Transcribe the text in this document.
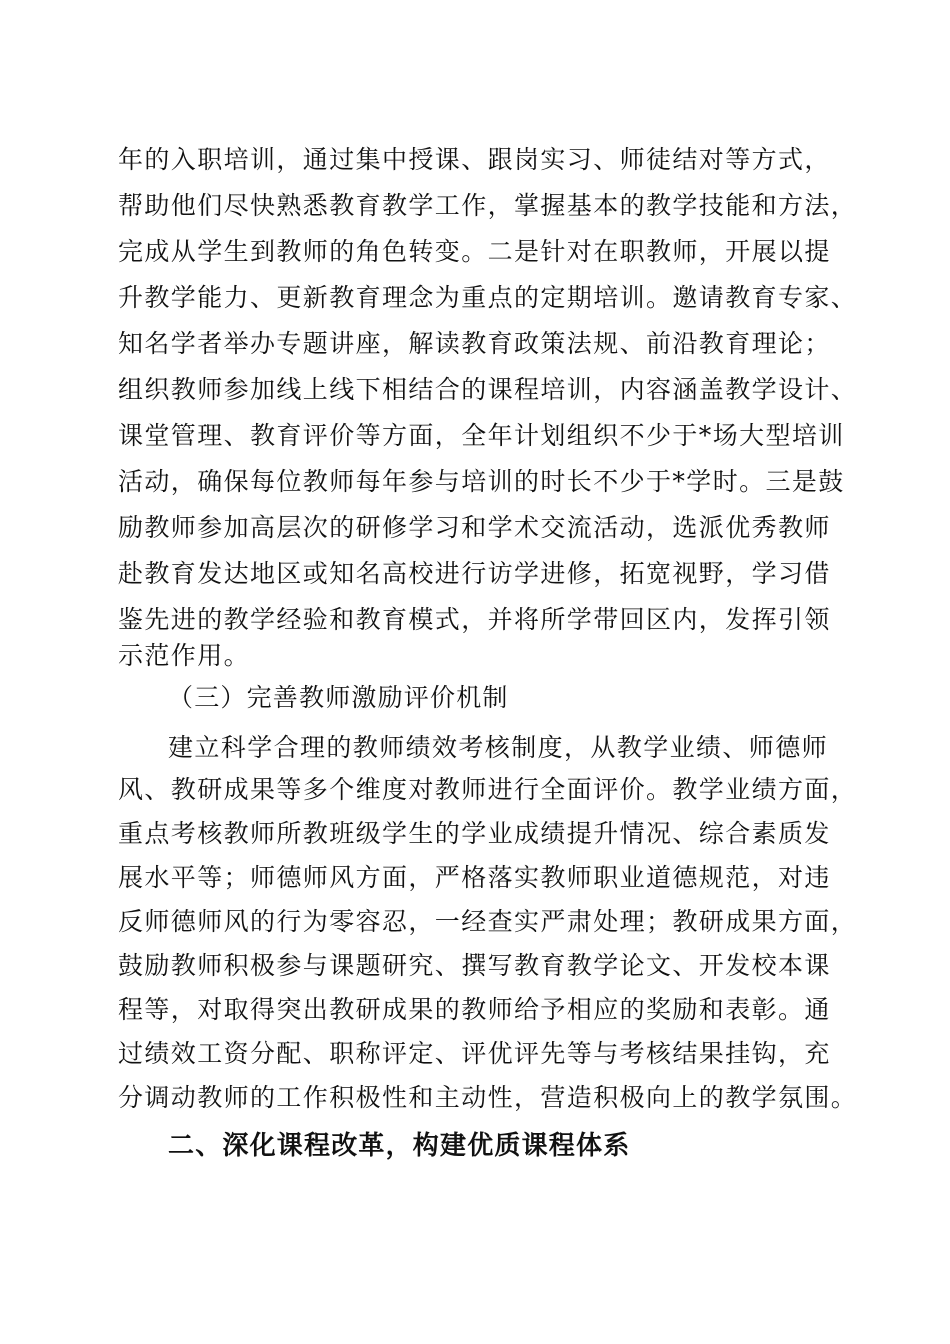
年的入职培训，通过集中授课、跟岗实习、师徒结对等方式，
帮助他们尽快熟悉教育教学工作，掌握基本的教学技能和方法，
完成从学生到教师的角色转变。二是针对在职教师，开展以提
升教学能力、更新教育理念为重点的定期培训。邀请教育专家、
知名学者举办专题讲座，解读教育政策法规、前沿教育理论；
组织教师参加线上线下相结合的课程培训，内容涵盖教学设计、
课堂管理、教育评价等方面，全年计划组织不少于*场大型培训
活动，确保每位教师每年参与培训的时长不少于*学时。三是鼓
励教师参加高层次的研修学习和学术交流活动，选派优秀教师
赴教育发达地区或知名高校进行访学进修，拓宽视野，学习借
鉴先进的教学经验和教育模式，并将所学带回区内，发挥引领
示范作用。
（三）完善教师激励评价机制
建立科学合理的教师绩效考核制度，从教学业绩、师德师
风、教研成果等多个维度对教师进行全面评价。教学业绩方面，
重点考核教师所教班级学生的学业成绩提升情况、综合素质发
展水平等；师德师风方面，严格落实教师职业道德规范，对违
反师德师风的行为零容忍，一经查实严肃处理；教研成果方面，
鼓励教师积极参与课题研究、撰写教育教学论文、开发校本课
程等，对取得突出教研成果的教师给予相应的奖励和表彰。通
过绩效工资分配、职称评定、评优评先等与考核结果挂钩，充
分调动教师的工作积极性和主动性，营造积极向上的教学氛围。
二、深化课程改革，构建优质课程体系
